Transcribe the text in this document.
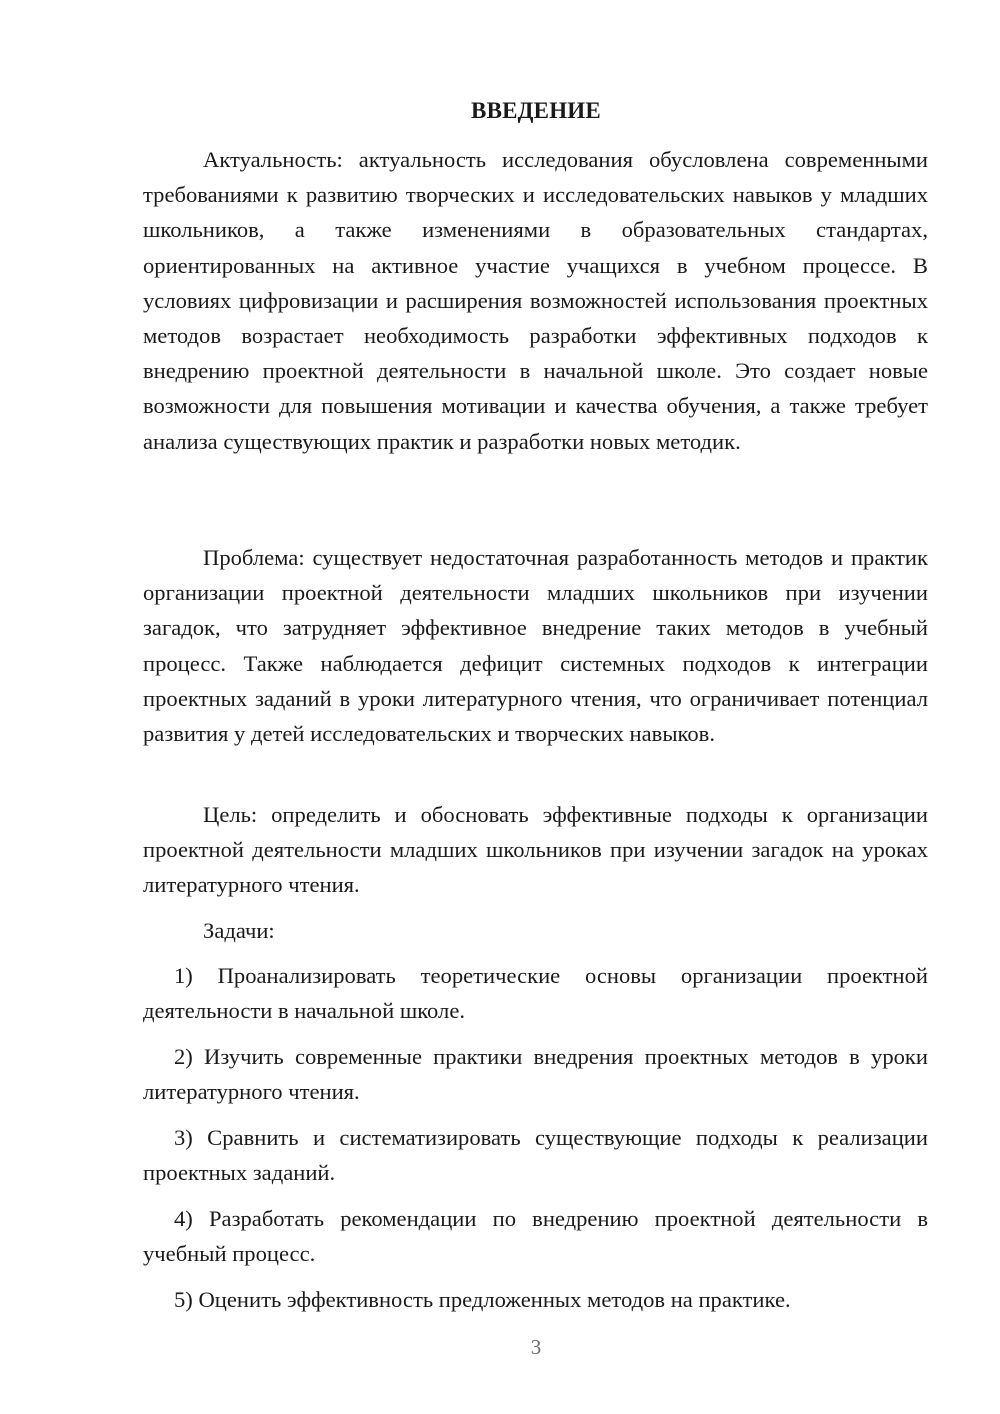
ВВЕДЕНИЕ

Актуальность: актуальность исследования обусловлена современными требованиями к развитию творческих и исследовательских навыков у младших школьников, а также изменениями в образовательных стандартах, ориентированных на активное участие учащихся в учебном процессе. В условиях цифровизации и расширения возможностей использования проектных методов возрастает необходимость разработки эффективных подходов к внедрению проектной деятельности в начальной школе. Это создает новые возможности для повышения мотивации и качества обучения, а также требует анализа существующих практик и разработки новых методик.

Проблема: существует недостаточная разработанность методов и практик организации проектной деятельности младших школьников при изучении загадок, что затрудняет эффективное внедрение таких методов в учебный процесс. Также наблюдается дефицит системных подходов к интеграции проектных заданий в уроки литературного чтения, что ограничивает потенциал развития у детей исследовательских и творческих навыков.

Цель: определить и обосновать эффективные подходы к организации проектной деятельности младших школьников при изучении загадок на уроках литературного чтения.

Задачи:

1) Проанализировать теоретические основы организации проектной деятельности в начальной школе.

2) Изучить современные практики внедрения проектных методов в уроки литературного чтения.

3) Сравнить и систематизировать существующие подходы к реализации проектных заданий.

4) Разработать рекомендации по внедрению проектной деятельности в учебный процесс.

5) Оценить эффективность предложенных методов на практике.

3
